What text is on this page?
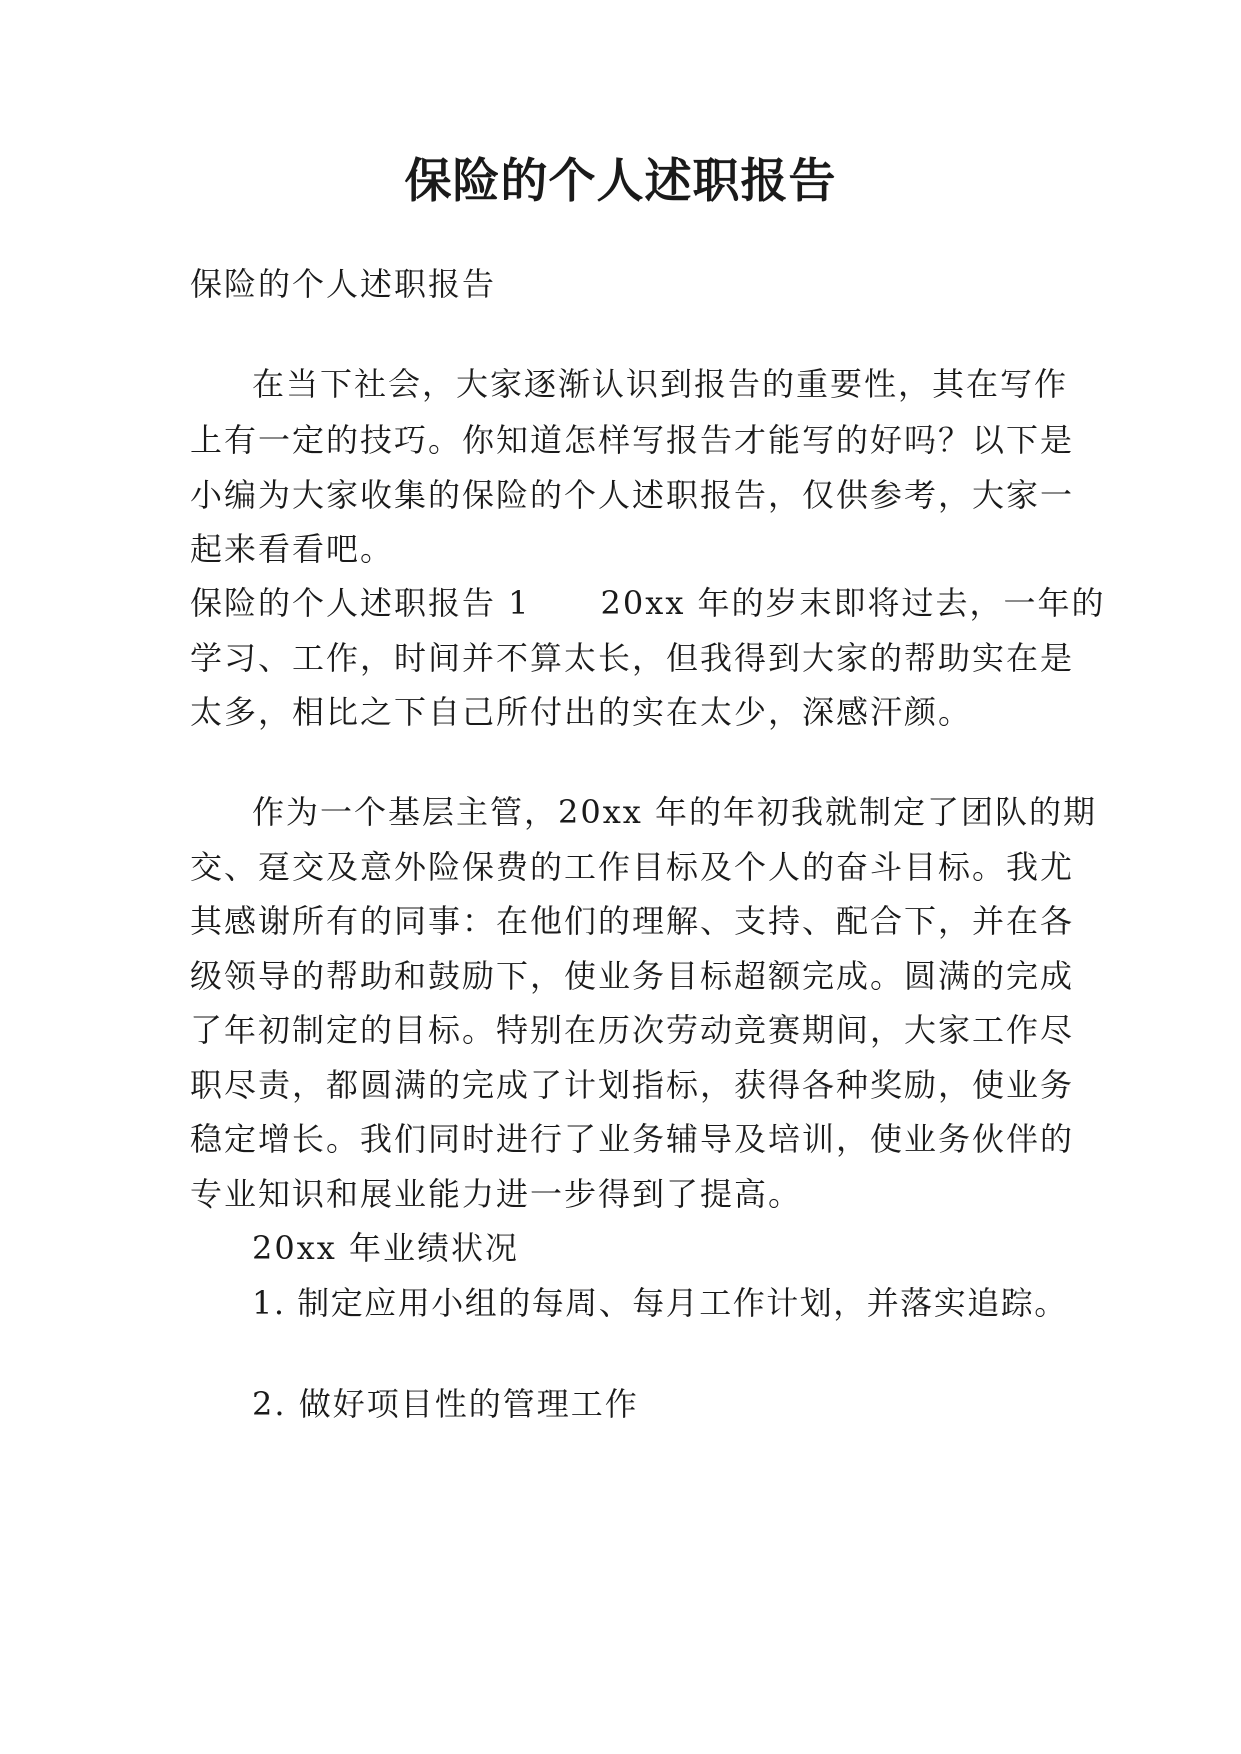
保险的个人述职报告
保险的个人述职报告
在当下社会，大家逐渐认识到报告的重要性，其在写作
上有一定的技巧。你知道怎样写报告才能写的好吗？以下是
小编为大家收集的保险的个人述职报告，仅供参考，大家一
起来看看吧。
保险的个人述职报告 1 20xx 年的岁末即将过去，一年的
学习、工作，时间并不算太长，但我得到大家的帮助实在是
太多，相比之下自己所付出的实在太少，深感汗颜。
作为一个基层主管，20xx 年的年初我就制定了团队的期
交、趸交及意外险保费的工作目标及个人的奋斗目标。我尤
其感谢所有的同事：在他们的理解、支持、配合下，并在各
级领导的帮助和鼓励下，使业务目标超额完成。圆满的完成
了年初制定的目标。特别在历次劳动竞赛期间，大家工作尽
职尽责，都圆满的完成了计划指标，获得各种奖励，使业务
稳定增长。我们同时进行了业务辅导及培训，使业务伙伴的
专业知识和展业能力进一步得到了提高。
20xx 年业绩状况
1. 制定应用小组的每周、每月工作计划，并落实追踪。
2. 做好项目性的管理工作
